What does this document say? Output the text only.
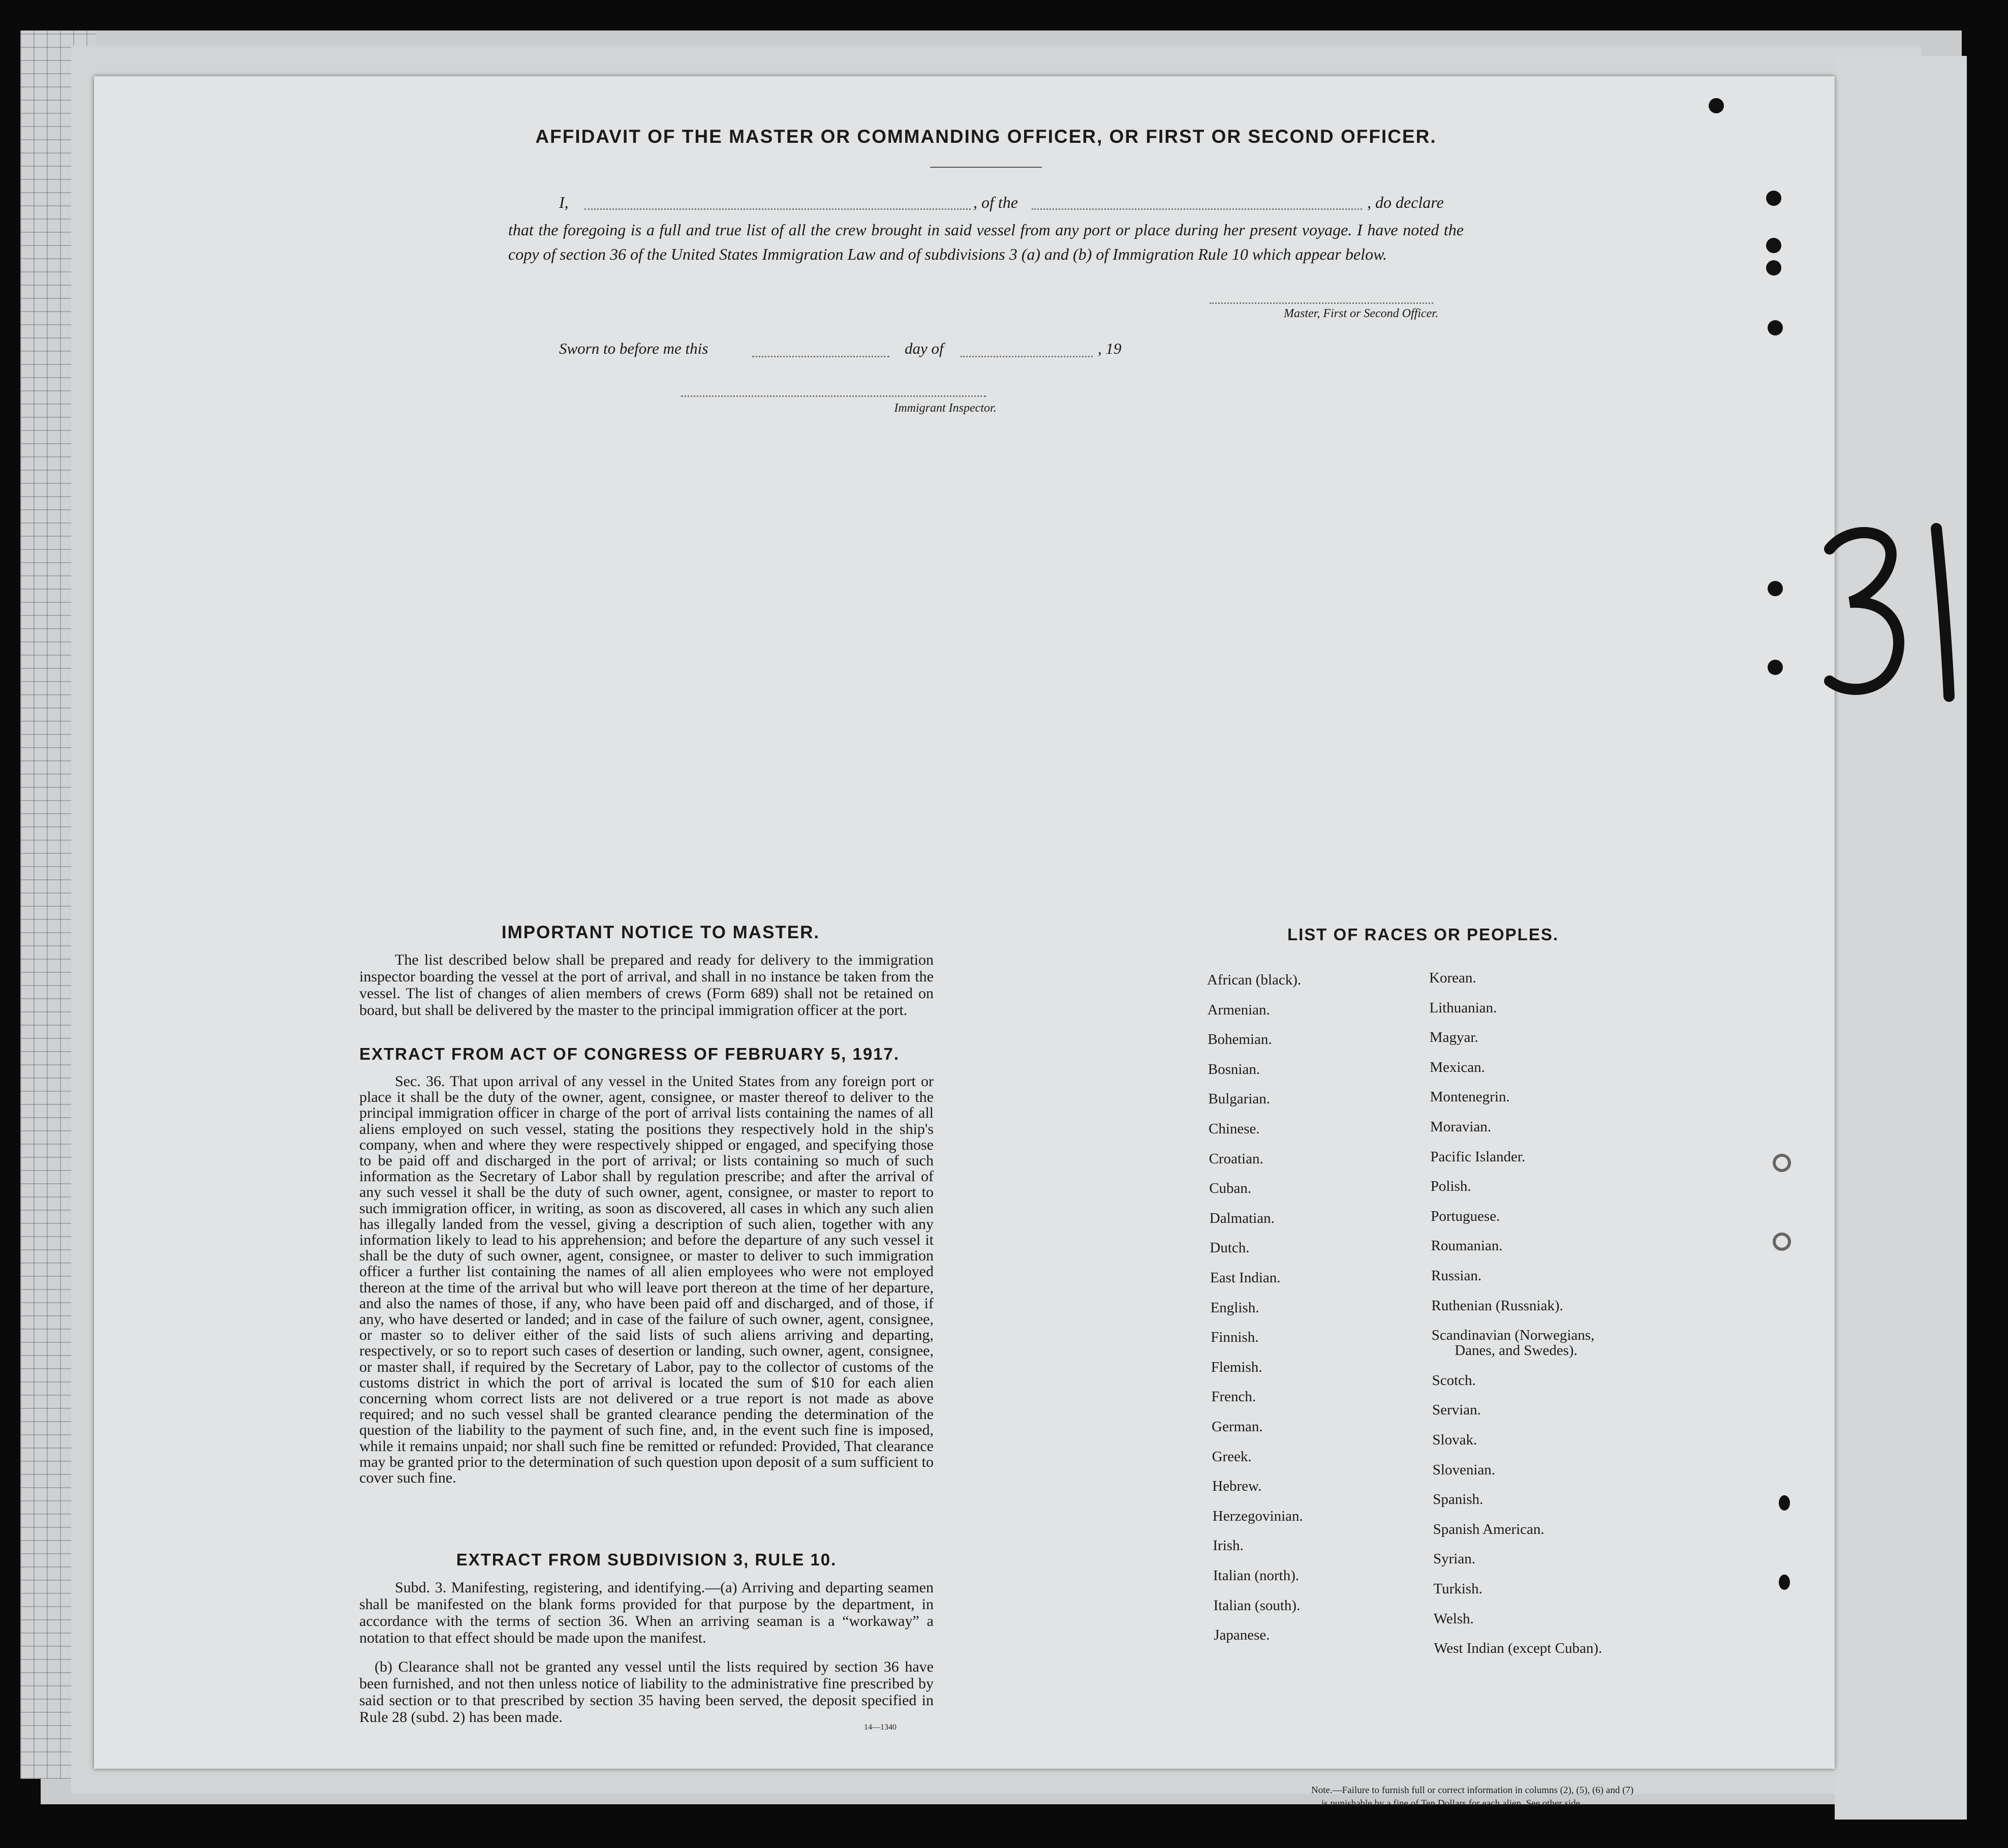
AFFIDAVIT OF THE MASTER OR COMMANDING OFFICER, OR FIRST OR SECOND OFFICER.
I,	, of the	, do declare
that the foregoing is a full and true list of all the crew brought in said vessel from any port or place during her present voyage. I have noted the copy of section 36 of the United States Immigration Law and of subdivisions 3 (a) and (b) of Immigration Rule 10 which appear below.
Master, First or Second Officer.
Sworn to before me this	day of	, 19
Immigrant Inspector.
IMPORTANT NOTICE TO MASTER.
The list described below shall be prepared and ready for delivery to the immigration inspector boarding the vessel at the port of arrival, and shall in no instance be taken from the vessel. The list of changes of alien members of crews (Form 689) shall not be retained on board, but shall be delivered by the master to the principal immigration officer at the port.
EXTRACT FROM ACT OF CONGRESS OF FEBRUARY 5, 1917.
Sec. 36. That upon arrival of any vessel in the United States from any foreign port or place it shall be the duty of the owner, agent, consignee, or master thereof to deliver to the principal immigration officer in charge of the port of arrival lists containing the names of all aliens employed on such vessel, stating the positions they respectively hold in the ship's company, when and where they were respectively shipped or engaged, and specifying those to be paid off and discharged in the port of arrival; or lists containing so much of such information as the Secretary of Labor shall by regulation prescribe; and after the arrival of any such vessel it shall be the duty of such owner, agent, consignee, or master to report to such immigration officer, in writing, as soon as discovered, all cases in which any such alien has illegally landed from the vessel, giving a description of such alien, together with any information likely to lead to his apprehension; and before the departure of any such vessel it shall be the duty of such owner, agent, consignee, or master to deliver to such immigration officer a further list containing the names of all alien employees who were not employed thereon at the time of the arrival but who will leave port thereon at the time of her departure, and also the names of those, if any, who have been paid off and discharged, and of those, if any, who have deserted or landed; and in case of the failure of such owner, agent, consignee, or master so to deliver either of the said lists of such aliens arriving and departing, respectively, or so to report such cases of desertion or landing, such owner, agent, consignee, or master shall, if required by the Secretary of Labor, pay to the collector of customs of the customs district in which the port of arrival is located the sum of $10 for each alien concerning whom correct lists are not delivered or a true report is not made as above required; and no such vessel shall be granted clearance pending the determination of the question of the liability to the payment of such fine, and, in the event such fine is imposed, while it remains unpaid; nor shall such fine be remitted or refunded: Provided, That clearance may be granted prior to the determination of such question upon deposit of a sum sufficient to cover such fine.
EXTRACT FROM SUBDIVISION 3, RULE 10.
Subd. 3. Manifesting, registering, and identifying.—(a) Arriving and departing seamen shall be manifested on the blank forms provided for that purpose by the department, in accordance with the terms of section 36. When an arriving seaman is a “workaway” a notation to that effect should be made upon the manifest.
(b) Clearance shall not be granted any vessel until the lists required by section 36 have been furnished, and not then unless notice of liability to the administrative fine prescribed by said section or to that prescribed by section 35 having been served, the deposit specified in Rule 28 (subd. 2) has been made.
14—1340
LIST OF RACES OR PEOPLES.
African (black).
Armenian.
Bohemian.
Bosnian.
Bulgarian.
Chinese.
Croatian.
Cuban.
Dalmatian.
Dutch.
East Indian.
English.
Finnish.
Flemish.
French.
German.
Greek.
Hebrew.
Herzegovinian.
Irish.
Italian (north).
Italian (south).
Japanese.
Korean.
Lithuanian.
Magyar.
Mexican.
Montenegrin.
Moravian.
Pacific Islander.
Polish.
Portuguese.
Roumanian.
Russian.
Ruthenian (Russniak).
Scandinavian (Norwegians,
Danes, and Swedes).
Scotch.
Servian.
Slovak.
Slovenian.
Spanish.
Spanish American.
Syrian.
Turkish.
Welsh.
West Indian (except Cuban).
Note.—Failure to furnish full or correct information in columns (2), (5), (6) and (7)
is punishable by a fine of Ten Dollars for each alien. See other side.
